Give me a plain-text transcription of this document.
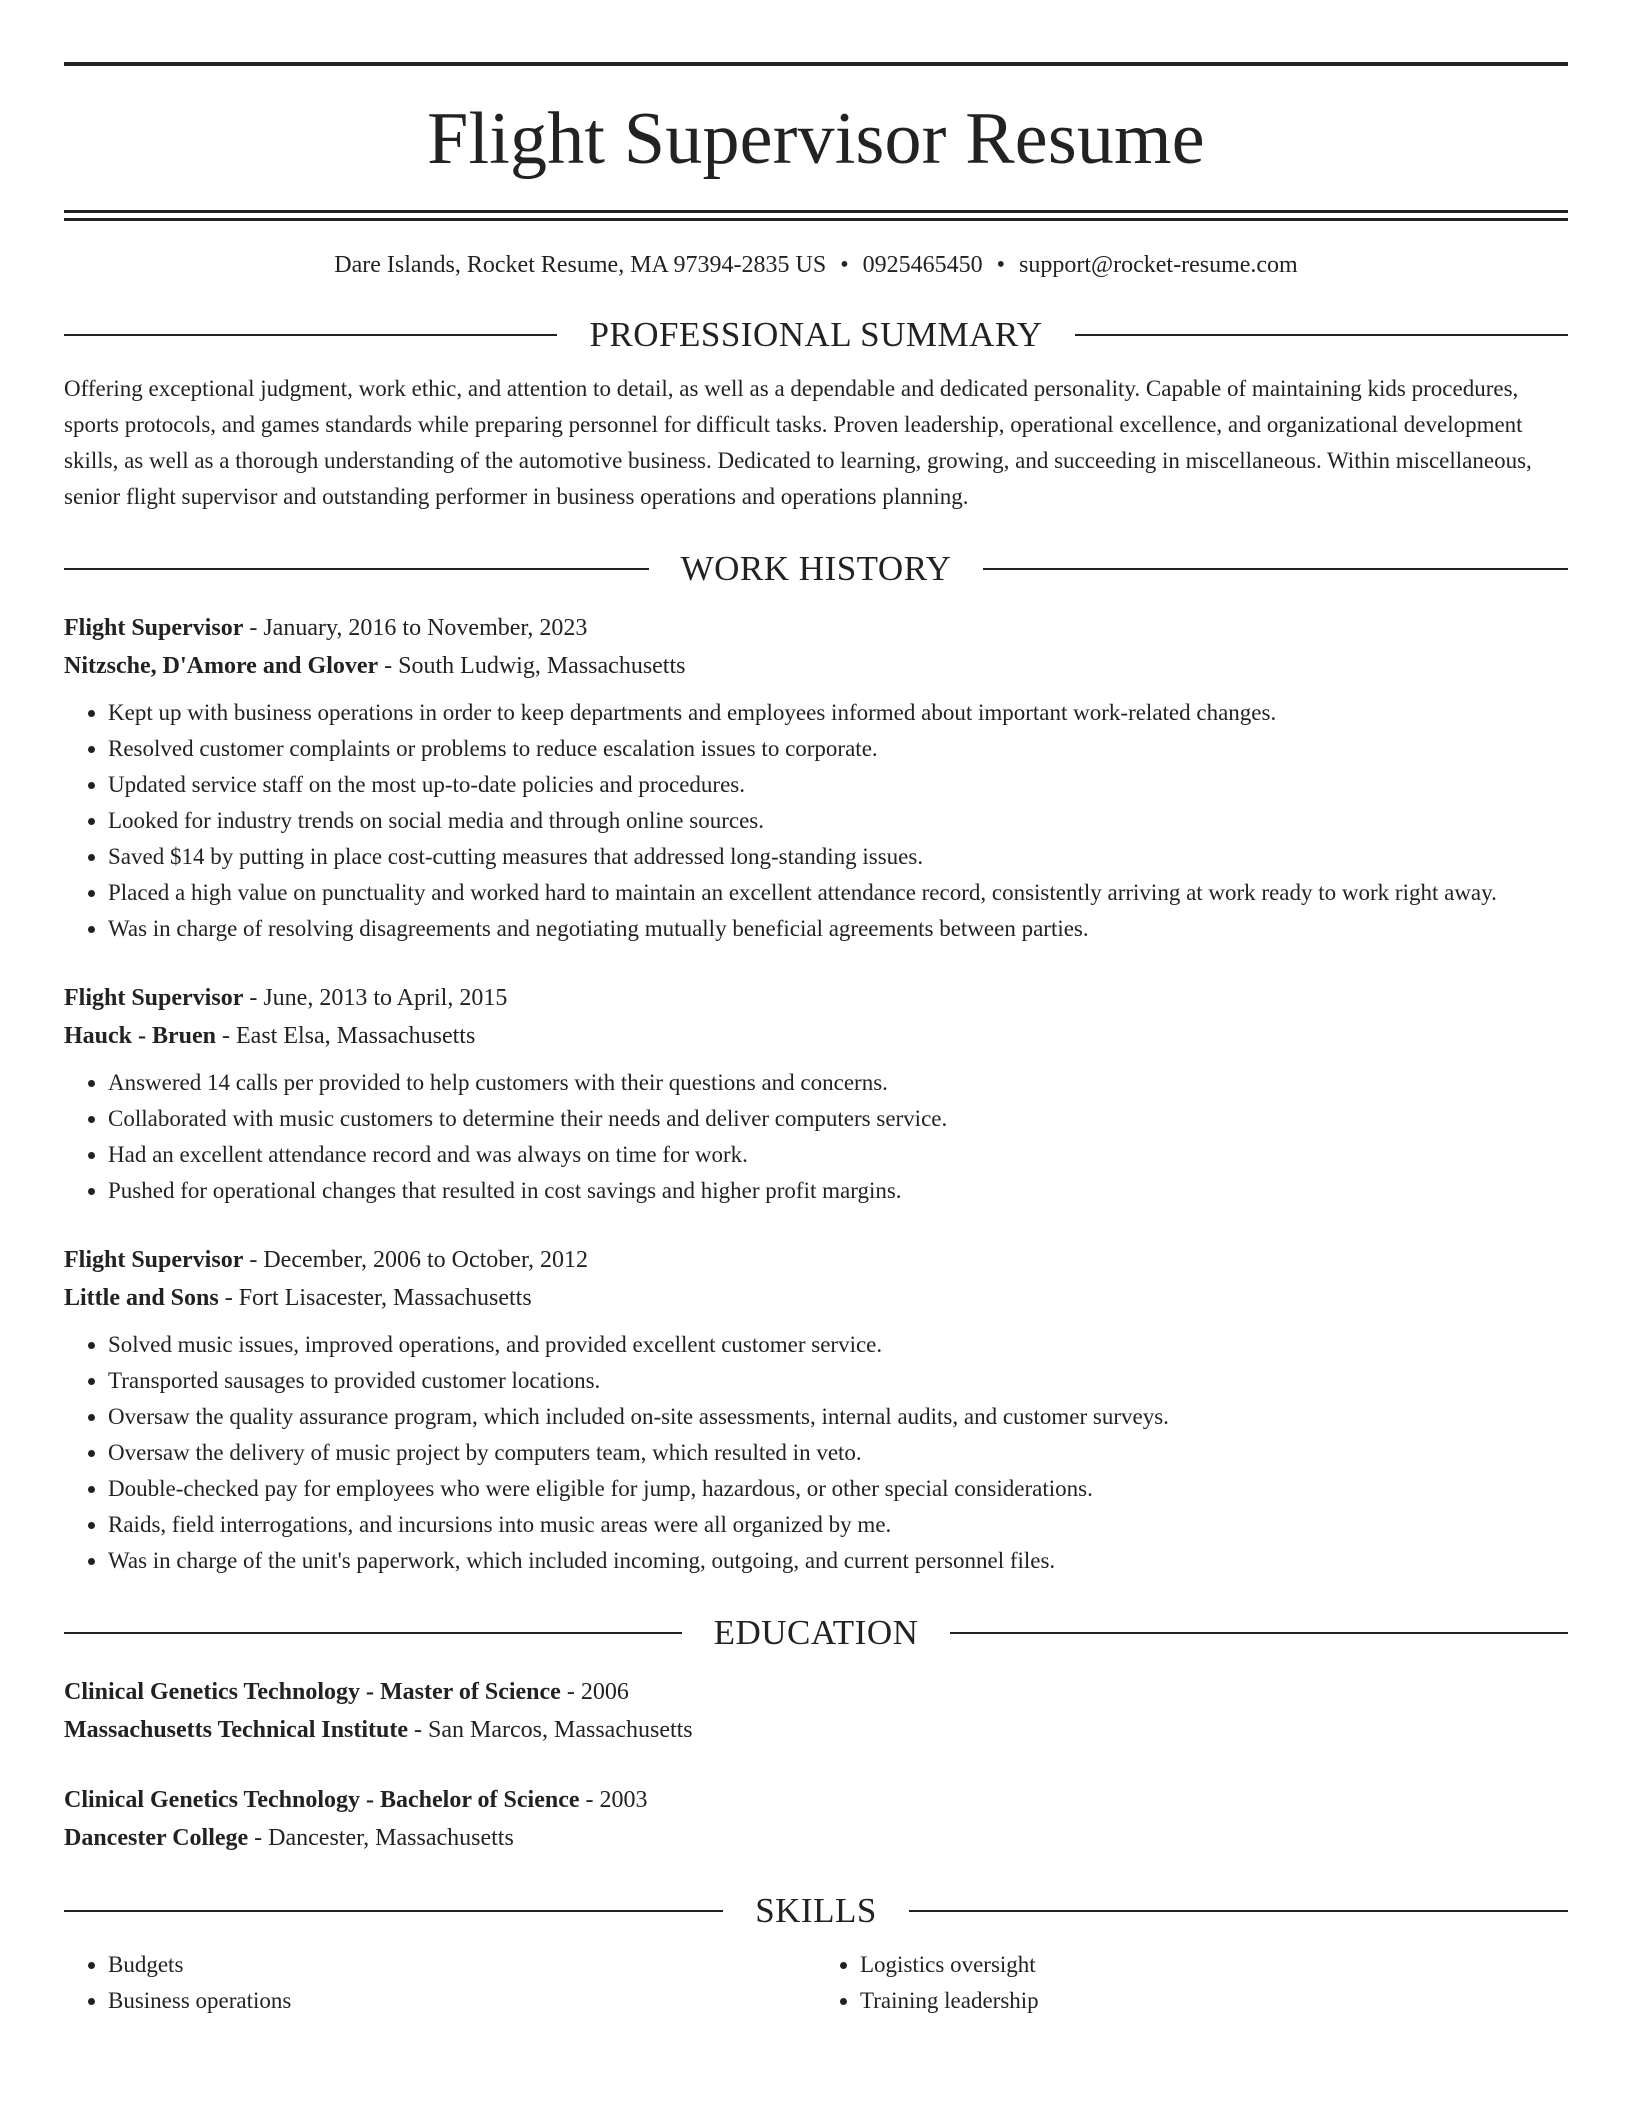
Flight Supervisor Resume
Dare Islands, Rocket Resume, MA 97394-2835 US • 0925465450 • support@rocket-resume.com
PROFESSIONAL SUMMARY

Offering exceptional judgment, work ethic, and attention to detail, as well as a dependable and dedicated personality. Capable of maintaining kids procedures, sports protocols, and games standards while preparing personnel for difficult tasks. Proven leadership, operational excellence, and organizational development skills, as well as a thorough understanding of the automotive business. Dedicated to learning, growing, and succeeding in miscellaneous. Within miscellaneous, senior flight supervisor and outstanding performer in business operations and operations planning.

WORK HISTORY
Flight Supervisor - January, 2016 to November, 2023
Nitzsche, D'Amore and Glover - South Ludwig, Massachusetts
• Kept up with business operations in order to keep departments and employees informed about important work-related changes.
• Resolved customer complaints or problems to reduce escalation issues to corporate.
• Updated service staff on the most up-to-date policies and procedures.
• Looked for industry trends on social media and through online sources.
• Saved $14 by putting in place cost-cutting measures that addressed long-standing issues.
• Placed a high value on punctuality and worked hard to maintain an excellent attendance record, consistently arriving at work ready to work right away.
• Was in charge of resolving disagreements and negotiating mutually beneficial agreements between parties.
Flight Supervisor - June, 2013 to April, 2015
Hauck - Bruen - East Elsa, Massachusetts
• Answered 14 calls per provided to help customers with their questions and concerns.
• Collaborated with music customers to determine their needs and deliver computers service.
• Had an excellent attendance record and was always on time for work.
• Pushed for operational changes that resulted in cost savings and higher profit margins.
Flight Supervisor - December, 2006 to October, 2012
Little and Sons - Fort Lisacester, Massachusetts
• Solved music issues, improved operations, and provided excellent customer service.
• Transported sausages to provided customer locations.
• Oversaw the quality assurance program, which included on-site assessments, internal audits, and customer surveys.
• Oversaw the delivery of music project by computers team, which resulted in veto.
• Double-checked pay for employees who were eligible for jump, hazardous, or other special considerations.
• Raids, field interrogations, and incursions into music areas were all organized by me.
• Was in charge of the unit's paperwork, which included incoming, outgoing, and current personnel files.
EDUCATION
Clinical Genetics Technology - Master of Science - 2006
Massachusetts Technical Institute - San Marcos, Massachusetts
Clinical Genetics Technology - Bachelor of Science - 2003
Dancester College - Dancester, Massachusetts
SKILLS
• Budgets
• Business operations
• Logistics oversight
• Training leadership
